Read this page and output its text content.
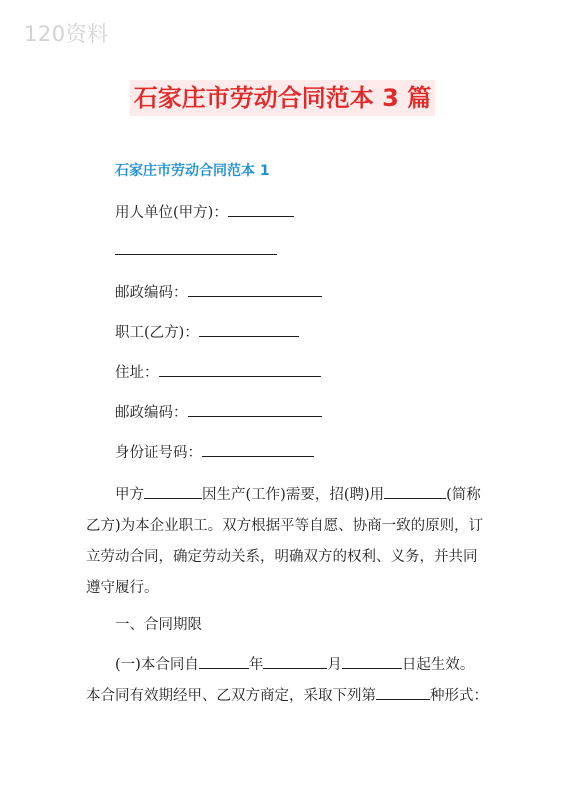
120资料
石家庄市劳动合同范本 3 篇
石家庄市劳动合同范本 1
用人单位(甲方)：
邮政编码：
职工(乙方)：
住址：
邮政编码：
身份证号码：
甲方	因生产(工作)需要，招(聘)用	(简称
乙方)为本企业职工。双方根据平等自愿、协商一致的原则，订
立劳动合同，确定劳动关系，明确双方的权利、义务，并共同
遵守履行。
一、合同期限
(一)本合同自	年	月	日起生效。
本合同有效期经甲、乙双方商定，采取下列第	种形式：
